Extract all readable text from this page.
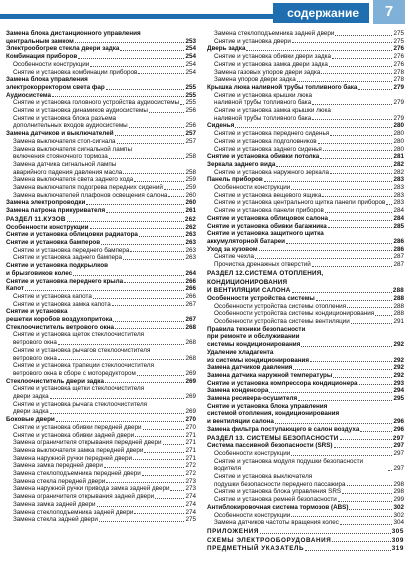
содержание	7
Замена блока дистанционного управления
центральным замком	253
Электрообогрев стекла двери задка	254
Комбинация приборов	254
Особенности конструкции	254
Снятие и установка комбинации приборов	254
Замена блока управления
электрокорректором света фар	255
Аудиосистема	255
Снятие и установка головного устройства аудиосистемы 255
Снятие и установка динамиков аудиосистемы	256
Снятие и установка блока разъема
дополнительных входов аудиосистемы	256
Замена датчиков и выключателей	257
Замена выключателя стоп-сигнала	257
Замена выключателя сигнальной лампы
включения стояночного тормоза	258
Замена датчика сигнальной лампы
аварийного падения давления масла	258
Замена выключателя света заднего хода	259
Замена выключателя подогрева передних сидений	259
Замена выключателей плафонов освещения салона	260
Замена электропроводки	260
Замена патрона прикуривателя	261
РАЗДЕЛ 11.КУЗОВ	262
Особенности конструкции	262
Снятие и установка облицовки радиатора	263
Снятие и установка бамперов	263
Снятие и установка переднего бампера	263
Снятие и установка заднего бампера	263
Снятие и установка подкрылков
и брызговиков колес	264
Снятие и установка переднего крыла	266
Капот	266
Снятие и установка капота	266
Снятие и установка замка капота	267
Снятие и установка
решетки коробов воздухопритока	267
Стеклоочиститель ветрового окна	268
Снятие и установка щеток стеклоочистителя
ветрового окна	268
Снятие и установка рычагов стеклоочистителя
ветрового окна	268
Снятие и установка трапеции стеклоочистителя
ветрового окна в сборе с моторедуктором	269
Стеклоочиститель двери задка	269
Снятие и установка щетки стеклоочистителя
двери задка	269
Снятие и установка рычага стеклоочистителя
двери задка	269
Боковые двери	270
Снятие и установка обивки передней двери	270
Снятие и установка обивки задней двери	271
Замена ограничителя открывания передней двери	271
Замена выключателя замка передней двери	271
Замена наружной ручки передней двери	271
Замена замка передней двери	272
Замена стеклоподъемника передней двери	272
Замена стекла передней двери	273
Замена наружной ручки привода замка задней двери	273
Замена ограничителя открывания задней двери	274
Замена замка задней двери	274
Замена стеклоподъемника задней двери	274
Замена стекла задней двери	275
Замена стеклоподъемника задней двери	275
Снятие и установка двери	275
Дверь задка	276
Снятие и установка обивки двери задка	276
Снятие и установка замка двери задка	276
Замена газовых упоров двери задка	278
Замена упоров двери задка	278
Крышка люка наливной трубы топливного бака	279
Снятие и установка крышки люка
наливной трубы топливного бака	279
Снятие и установка замка крышки люка
наливной трубы топливного бака	279
Сиденья	280
Снятие и установка переднего сиденья	280
Снятие и установка подголовников	280
Снятие и установка заднего сиденья	280
Снятие и установка обивки потолка	281
Зеркала заднего вида	282
Снятие и установка наружного зеркала	282
Панель приборов	283
Особенности конструкции	283
Снятие и установка вещевого ящика	283
Снятие и установка центрального щитка панели приборов 283
Снятие и установка панели приборов	284
Снятие и установка облицовок салона	284
Снятие и установка обивки багажника	285
Снятие и установка защитного щитка
аккумуляторной батареи	286
Уход за кузовом	286
Снятие чехла	287
Прочистка дренажных отверстий	287
РАЗДЕЛ 12.СИСТЕМА ОТОПЛЕНИЯ,
КОНДИЦИОНИРОВАНИЯ
И ВЕНТИЛЯЦИИ САЛОНА	288
Особенности устройства системы	288
Особенности устройства системы отопления	288
Особенности устройства системы кондиционирования	288
Особенности устройства системы вентиляции	291
Правила техники безопасности
при ремонте и обслуживании
системы кондиционирования	292
Удаление хладагента
из системы кондиционирования	292
Замена датчиков давления	292
Замена датчика наружной температуры	292
Снятие и установка компрессора кондиционера	293
Замена конденсора	294
Замена ресивера-осушителя	295
Снятие и установка блока управления
системой отопления, кондиционирования
и вентиляции салона	296
Замена фильтра поступающего в салон воздуха	296
РАЗДЕЛ 13. СИСТЕМЫ БЕЗОПАСНОСТИ	297
Система пассивной безопасности (SRS)	297
Особенности конструкции	297
Снятие и установка модуля подушки безопасности водителя	297
Снятие и установка выключателя
подушки безопасности переднего пассажира	298
Снятие и установка блока управления SRS	298
Снятие и установка ремней безопасности	299
Антиблокировочная система тормозов (ABS)	302
Особенности конструкции	302
Замена датчиков частоты вращения колес	304
ПРИЛОЖЕНИЯ	305
СХЕМЫ ЭЛЕКТРООБОРУДОВАНИЯ	309
ПРЕДМЕТНЫЙ УКАЗАТЕЛЬ	319
